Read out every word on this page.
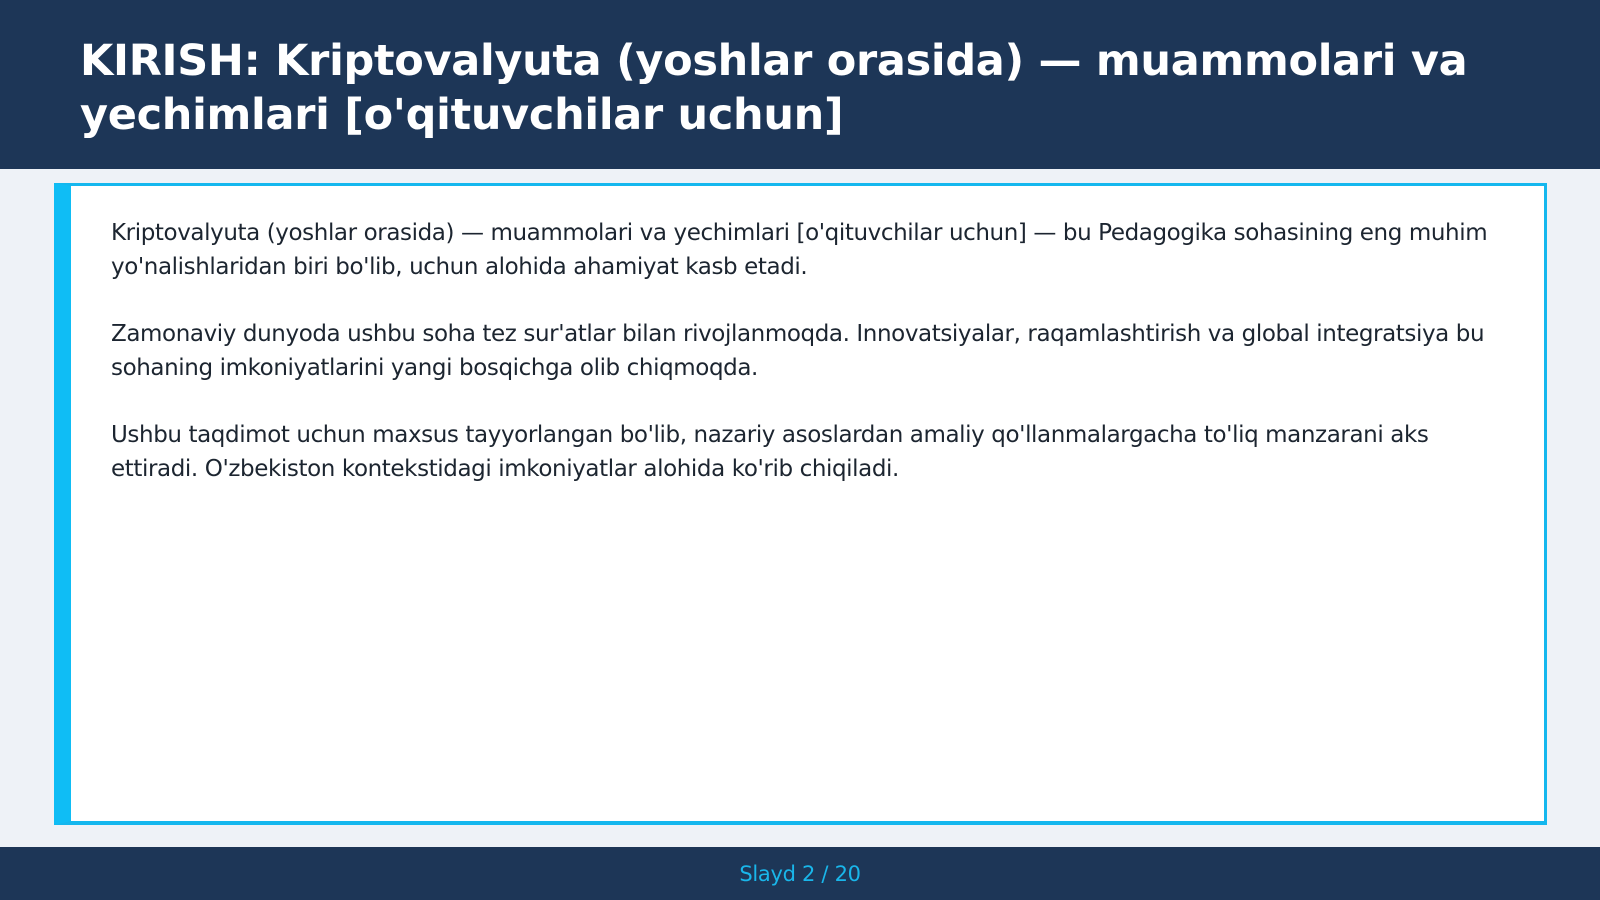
KIRISH: Kriptovalyuta (yoshlar orasida) — muammolari va yechimlari [o'qituvchilar uchun]

Kriptovalyuta (yoshlar orasida) — muammolari va yechimlari [o'qituvchilar uchun] — bu Pedagogika sohasining eng muhim yo'nalishlaridan biri bo'lib, uchun alohida ahamiyat kasb etadi.

Zamonaviy dunyoda ushbu soha tez sur'atlar bilan rivojlanmoqda. Innovatsiyalar, raqamlashtirish va global integratsiya bu sohaning imkoniyatlarini yangi bosqichga olib chiqmoqda.

Ushbu taqdimot uchun maxsus tayyorlangan bo'lib, nazariy asoslardan amaliy qo'llanmalargacha to'liq manzarani aks ettiradi. O'zbekiston kontekstidagi imkoniyatlar alohida ko'rib chiqiladi.

Slayd 2 / 20
